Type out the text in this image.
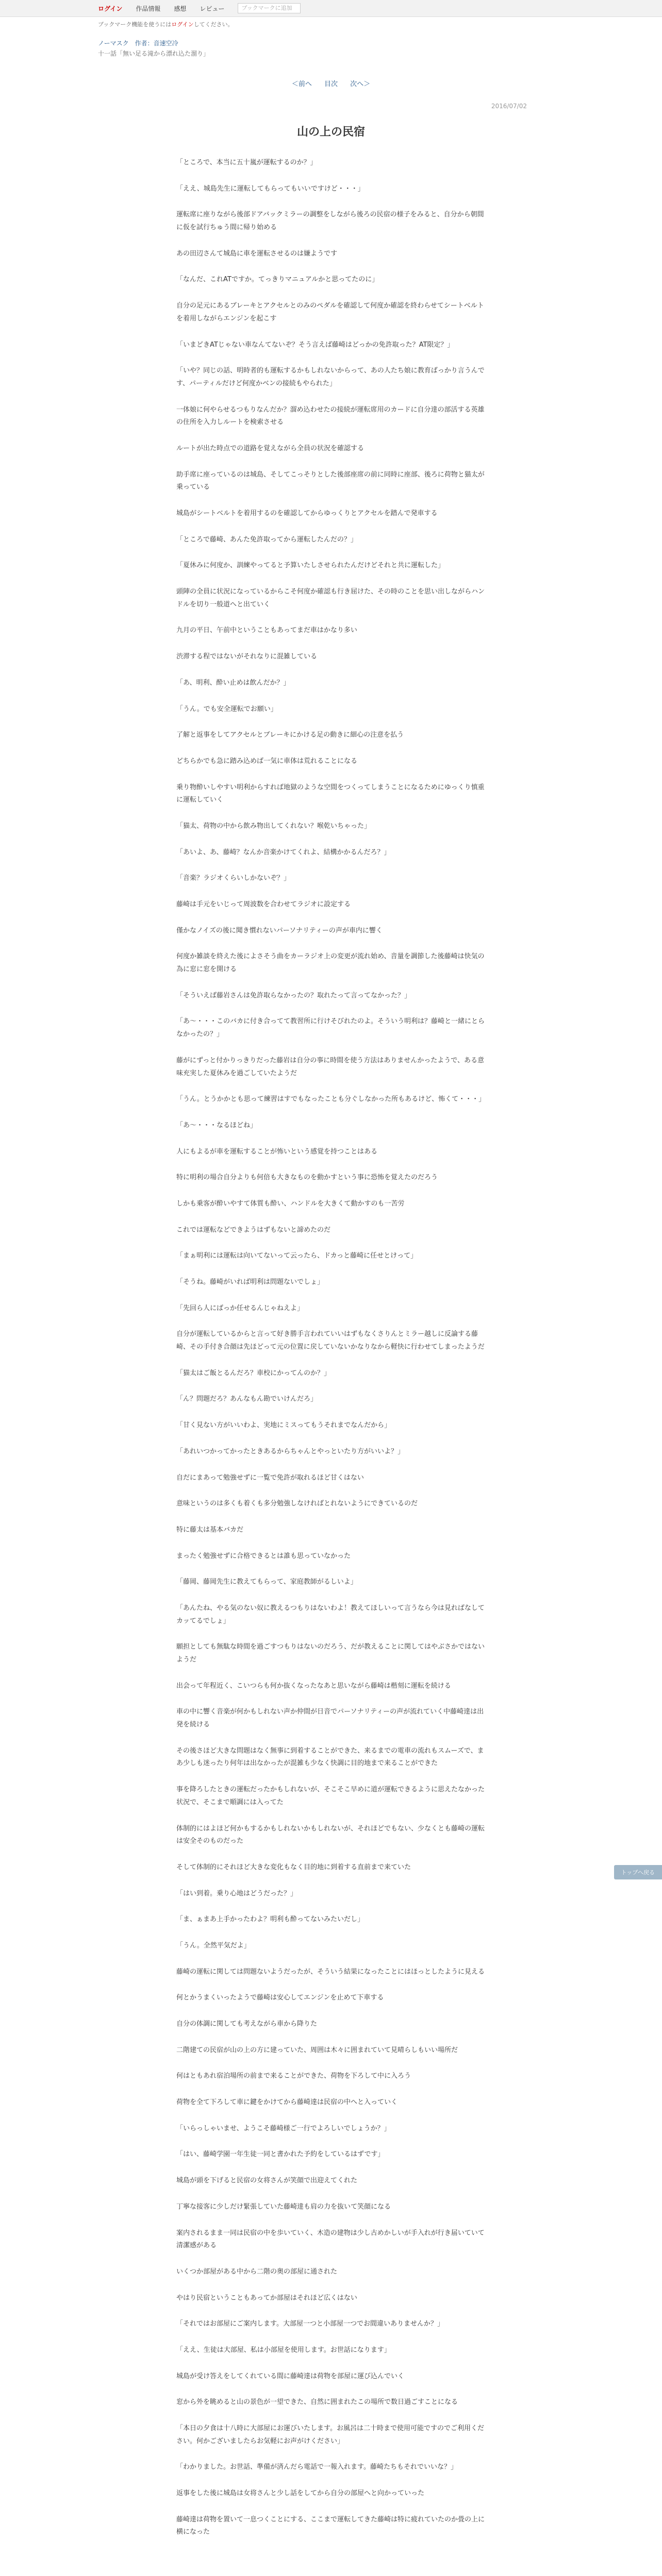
ログイン 作品情報 感想 レビュー	ブックマークに追加
ブックマーク機能を使うにはログインしてください。
ノーマスク　作者：音速空冷
十一話「無い足る滝から漂れ込た溜り」
＜前へ 目次 次へ＞
2016/07/02
山の上の民宿

「ところで、本当に五十嵐が運転するのか？」

「ええ、城島先生に運転してもらってもいいですけど・・・」

運転席に座りながら後部ドアバックミラーの調整をしながら後ろの民宿の様子をみると、自分から朝間に仮を試行ちゅう間に帰り始める

あの田辺さんて城島に車を運転させるのは嫌ようです

「なんだ、これATですか。てっきりマニュアルかと思ってたのに」

自分の足元にあるブレーキとアクセルとのみのペダルを確認して何度か確認を終わらせてシートベルトを着用しながらエンジンを起こす

「いまどきATじゃない車なんてないぞ？そう言えば藤崎はどっかの免許取った？AT限定？」

「いや？同じの話、明時者的も運転するかもしれないからって、あの人たち娘に教育ばっかり言うんです、パーティルだけど何度かベンの接続もやられた」

一体娘に何やらせるつもりなんだか？溜め込わせたの接続が運転席用のカードに自分達の部活する英雄の住所を入力しルートを検索させる

ルートが出た時点での道路を覚えながら全員の状況を確認する

助手席に座っているのは城島、そしてこっそりとした後部座席の前に同時に座部、後ろに荷物と猫太が乗っている

城島がシートベルトを着用するのを確認してからゆっくりとアクセルを踏んで発車する

「ところで藤崎、あんた免許取ってから運転したんだの？」

「夏休みに何度か、訓練やってると予算いたしさせられたんだけどそれと共に運転した」

頭陣の全員に状況になっているからこそ何度か確認も行き屈けた、その時のことを思い出しながらハンドルを切り一般道へと出ていく

九月の平日、午前中ということもあってまだ車はかなり多い

渋滞する程ではないがそれなりに混雑している

「あ、明利、酔い止めは飲んだか？」

「うん。でも安全運転でお願い」

了解と返事をしてアクセルとブレーキにかける足の動きに細心の注意を払う

どちらかでも急に踏み込めば一気に車体は荒れることになる

乗り物酔いしやすい明利からすれば地獄のような空間をつくってしまうことになるためにゆっくり慎重に運転していく

「猫太、荷物の中から飲み物出してくれない？喉乾いちゃった」

「あいよ、あ、藤崎？なんか音楽かけてくれよ、結構かかるんだろ？」

「音楽？ラジオくらいしかないぞ？」

藤崎は手元をいじって周波数を合わせてラジオに設定する

僅かなノイズの後に聞き慣れないパーソナリティーの声が車内に響く

何度か雑談を終えた後によさそう曲をカーラジオ上の変更が流れ始め、音量を調節した後藤崎は快気の為に窓に窓を開ける

「そういえば藤岩さんは免許取らなかったの？取れたって言ってなかった？」

「あ～・・・このバカに付き合ってて教習所に行けそびれたのよ。そういう明利は？藤崎と一緒にとらなかったの？」

藤がにずっと付かりっきりだった藤岩は自分の事に時間を使う方法はありませんかったようで、ある意味充実した夏休みを過ごしていたようだ

「うん。とうかかとも思って練習はすでもなったことも分ぐしなかった所もあるけど、怖くて・・・」

「あ～・・・なるほどね」

人にもよるが車を運転することが怖いという感覚を持つことはある

特に明利の場合自分よりも何倍も大きなものを動かすという事に恐怖を覚えたのだろう

しかも乗客が酔いやすて体質も酔い、ハンドルを大きくて動かすのも一苦労

これでは運転などできようはずもないと諦めたのだ

「まぁ明利には運転は向いてないって云ったら、ドカっと藤崎に任せとけって」

「そうね。藤崎がいれば明利は問題ないでしょ」

「先回ら人にばっか任せるんじゃねえよ」

自分が運転しているからと言って好き勝手言われていいはずもなくさりんとミラー越しに反論する藤崎、その手付き合顔は先ほどって元の位置に戻していないかなりなから軽快に行わせてしまったようだ

「猫太はご飯とるんだろ？車校にかってんのか？」

「ん？問題だろ？あんなもん勘でいけんだろ」

「甘く見ない方がいいわよ、実地にミスってもうそれまでなんだから」

「あれいつかってかったときあるからちゃんとやっといたり方がいいよ？」

自だにまあって勉強せずに一覧で免許が取れるほど甘くはない

意味というのは多くも着くも多分勉強しなければとれないようにできているのだ

特に藤太は基本バカだ

まったく勉強せずに合格できるとは誰も思っていなかった

「藤岡、藤岡先生に教えてもらって、家庭教師がるしいよ」

「あんたね、やる気のない奴に教えるつもりはないわよ！教えてほしいって言うなら今は見ればなしてカッてるでしょ」

願担としても無駄な時間を過ごすつもりはないのだろう、だが教えることに関してはやぶさかではないようだ

出会って年程近く、こいつらも何か抜くなったなあと思いながら藤崎は楷刻に運転を続ける

車の中に響く音楽が何かもしれない声か仲間が日音でパーソナリティーの声が流れていく中藤崎達は出発を続ける

その後さほど大きな問題はなく無事に到着することができた、来るまでの電車の流れもスムーズで、まあ少しも迷ったり何年は出なかったが混雑も少なく快調に目的地まで来ることができた

事を降ろしたときの運転だったかもしれないが、そこそこ早めに道が運転できるように思えたなかった状況で、そこまで順調には入ってた

体制的にはよほど何かもするかもしれないかもしれないが、それほどでもない、少なくとも藤崎の運転は安全そのものだった

そして体制的にそれほど大きな変化もなく目的地に到着する直前まで来ていた

「はい到着。乗り心地はどうだった？」

「ま、ぁまあ上手かったわよ？明利も酔ってないみたいだし」

「うん。全然平気だよ」

藤崎の運転に関しては問題ないようだったが、そういう結果になったことにはほっとしたように見える

何とかうまくいったようで藤崎は安心してエンジンを止めて下車する

自分の体調に関しても考えながら車から降りた

二階建ての民宿が山の上の方に建っていた、周囲は木々に囲まれていて見晴らしもいい場所だ

何はともあれ宿泊場所の前まで来ることができた、荷物を下ろして中に入ろう

荷物を全て下ろして車に鍵をかけてから藤崎達は民宿の中へと入っていく

「いらっしゃいませ、ようこそ藤崎様ご一行でよろしいでしょうか？」

「はい、藤崎学園一年生徒一同と書かれた予約をしているはずです」

城島が頭を下げると民宿の女将さんが笑顔で出迎えてくれた

丁寧な接客に少しだけ緊張していた藤崎達も肩の力を抜いて笑顔になる

案内されるまま一同は民宿の中を歩いていく、木造の建物は少し古めかしいが手入れが行き届いていて清潔感がある

いくつか部屋がある中から二階の奥の部屋に通された

やはり民宿ということもあってか部屋はそれほど広くはない

「それではお部屋にご案内します。大部屋一つと小部屋一つでお間違いありませんか？」

「ええ、生徒は大部屋、私は小部屋を使用します。お世話になります」

城島が受け答えをしてくれている間に藤崎達は荷物を部屋に運び込んでいく

窓から外を眺めると山の景色が一望できた、自然に囲まれたこの場所で数日過ごすことになる

「本日の夕食は十八時に大部屋にお運びいたします。お風呂は二十時まで使用可能ですのでご利用ください。何かございましたらお気軽にお声がけください」

「わかりました。お世話、準備が済んだら電話で一報入れます。藤崎たちもそれでいいな？」

返事をした後に城島は女将さんと少し話をしてから自分の部屋へと向かっていった

藤崎達は荷物を置いて一息つくことにする、ここまで運転してきた藤崎は特に疲れていたのか畳の上に横になった

トップへ戻る
